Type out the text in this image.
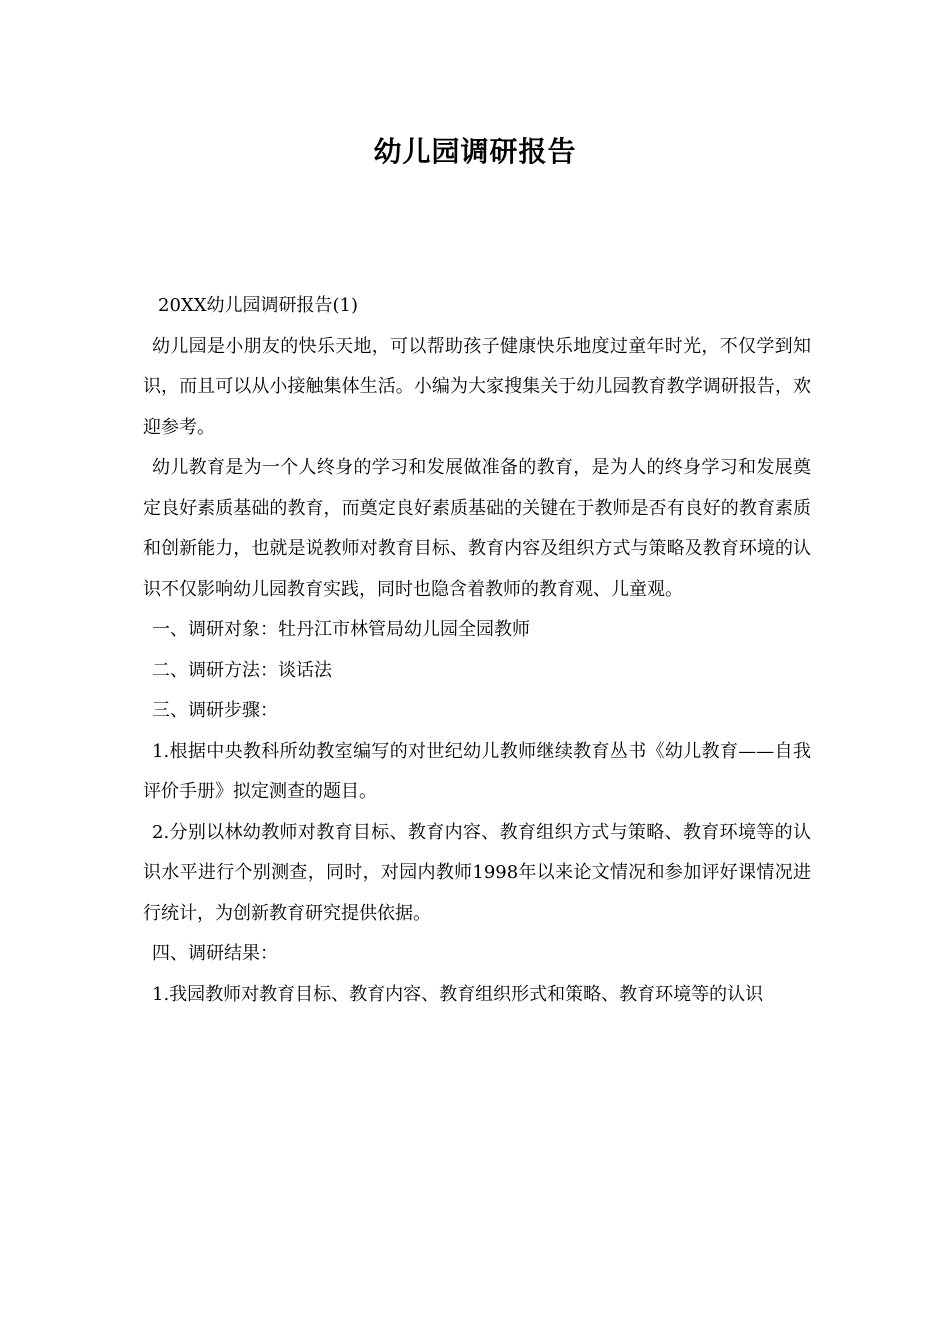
幼儿园调研报告

20XX幼儿园调研报告(1)

幼儿园是小朋友的快乐天地，可以帮助孩子健康快乐地度过童年时光，不仅学到知识，而且可以从小接触集体生活。小编为大家搜集关于幼儿园教育教学调研报告，欢迎参考。

幼儿教育是为一个人终身的学习和发展做准备的教育，是为人的终身学习和发展奠定良好素质基础的教育，而奠定良好素质基础的关键在于教师是否有良好的教育素质和创新能力，也就是说教师对教育目标、教育内容及组织方式与策略及教育环境的认识不仅影响幼儿园教育实践，同时也隐含着教师的教育观、儿童观。

一、调研对象：牡丹江市林管局幼儿园全园教师

二、调研方法：谈话法

三、调研步骤：

1.根据中央教科所幼教室编写的对世纪幼儿教师继续教育丛书《幼儿教育——自我评价手册》拟定测查的题目。

2.分别以林幼教师对教育目标、教育内容、教育组织方式与策略、教育环境等的认识水平进行个别测查，同时，对园内教师1998年以来论文情况和参加评好课情况进行统计，为创新教育研究提供依据。

四、调研结果：

1.我园教师对教育目标、教育内容、教育组织形式和策略、教育环境等的认识
